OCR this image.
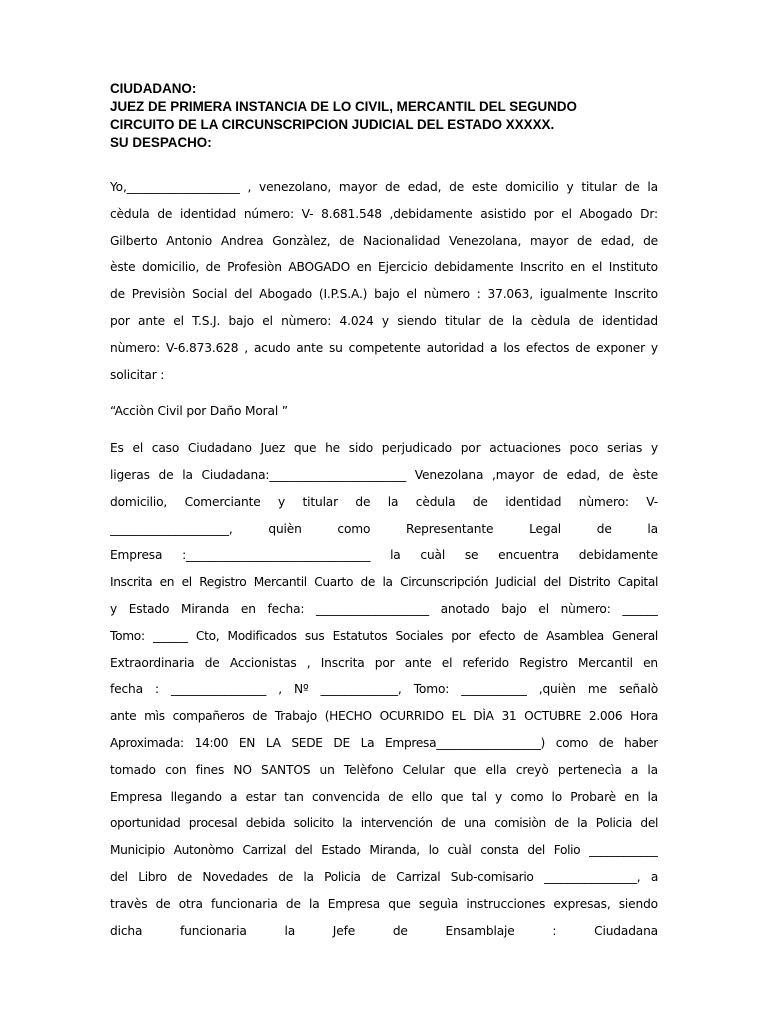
CIUDADANO:
JUEZ DE PRIMERA INSTANCIA DE LO CIVIL, MERCANTIL DEL SEGUNDO
CIRCUITO DE LA CIRCUNSCRIPCION JUDICIAL DEL ESTADO XXXXX.
SU DESPACHO:
Yo,___________________ , venezolano, mayor de edad, de este domicilio y titular de la
cèdula de identidad número: V- 8.681.548 ,debidamente asistido por el Abogado Dr:
Gilberto Antonio Andrea Gonzàlez, de Nacionalidad Venezolana, mayor de edad, de
èste domicilio, de Profesiòn ABOGADO en Ejercicio debidamente Inscrito en el Instituto
de Previsiòn Social del Abogado (I.P.S.A.) bajo el nùmero : 37.063, igualmente Inscrito
por ante el T.S.J. bajo el nùmero: 4.024 y siendo titular de la cèdula de identidad
nùmero: V-6.873.628 , acudo ante su competente autoridad a los efectos de exponer y
solicitar :
“Acciòn Civil por Daño Moral ”
Es el caso Ciudadano Juez que he sido perjudicado por actuaciones poco serias y
ligeras de la Ciudadana:_______________________ Venezolana ,mayor de edad, de èste
domicilio, Comerciante y titular de la cèdula de identidad nùmero: V-
____________________, quièn como Representante Legal de la
Empresa :_______________________________ la cuàl se encuentra debidamente
Inscrita en el Registro Mercantil Cuarto de la Circunscripción Judicial del Distrito Capital
y Estado Miranda en fecha: ___________________ anotado bajo el nùmero: ______
Tomo: ______ Cto, Modificados sus Estatutos Sociales por efecto de Asamblea General
Extraordinaria de Accionistas , Inscrita por ante el referido Registro Mercantil en
fecha : ________________ , Nº _____________, Tomo: ___________ ,quièn me señalò
ante mìs compañeros de Trabajo (HECHO OCURRIDO EL DÌA 31 OCTUBRE 2.006 Hora
Aproximada: 14:00 EN LA SEDE DE La Empresa__________________) como de haber
tomado con fines NO SANTOS un Telèfono Celular que ella creyò pertenecìa a la
Empresa llegando a estar tan convencida de ello que tal y como lo Probarè en la
oportunidad procesal debida solicito la intervención de una comisiòn de la Policia del
Municipio Autonòmo Carrizal del Estado Miranda, lo cuàl consta del Folio ____________
del Libro de Novedades de la Policia de Carrizal Sub-comisario ________________, a
travès de otra funcionaria de la Empresa que seguìa instrucciones expresas, siendo
dicha funcionaria la Jefe de Ensamblaje : Ciudadana
